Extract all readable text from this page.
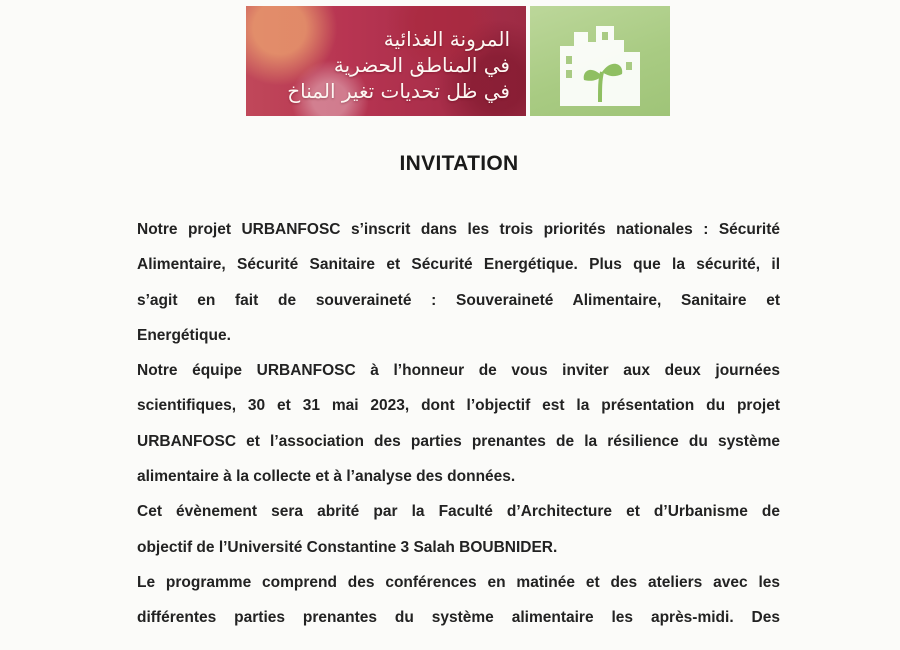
المرونة الغذائية
في المناطق الحضرية
في ظل تحديات تغير المناخ
INVITATION

Notre projet URBANFOSC s’inscrit dans les trois priorités nationales : Sécurité
Alimentaire, Sécurité Sanitaire et Sécurité Energétique. Plus que la sécurité, il
s’agit en fait de souveraineté : Souveraineté Alimentaire, Sanitaire et
Energétique.

Notre équipe URBANFOSC à l’honneur de vous inviter aux deux journées
scientifiques, 30 et 31 mai 2023, dont l’objectif est la présentation du projet
URBANFOSC et l’association des parties prenantes de la résilience du système
alimentaire à la collecte et à l’analyse des données.

Cet évènement sera abrité par la Faculté d’Architecture et d’Urbanisme de
objectif de l’Université Constantine 3 Salah BOUBNIDER.

Le programme comprend des conférences en matinée et des ateliers avec les
différentes parties prenantes du système alimentaire les après-midi. Des
